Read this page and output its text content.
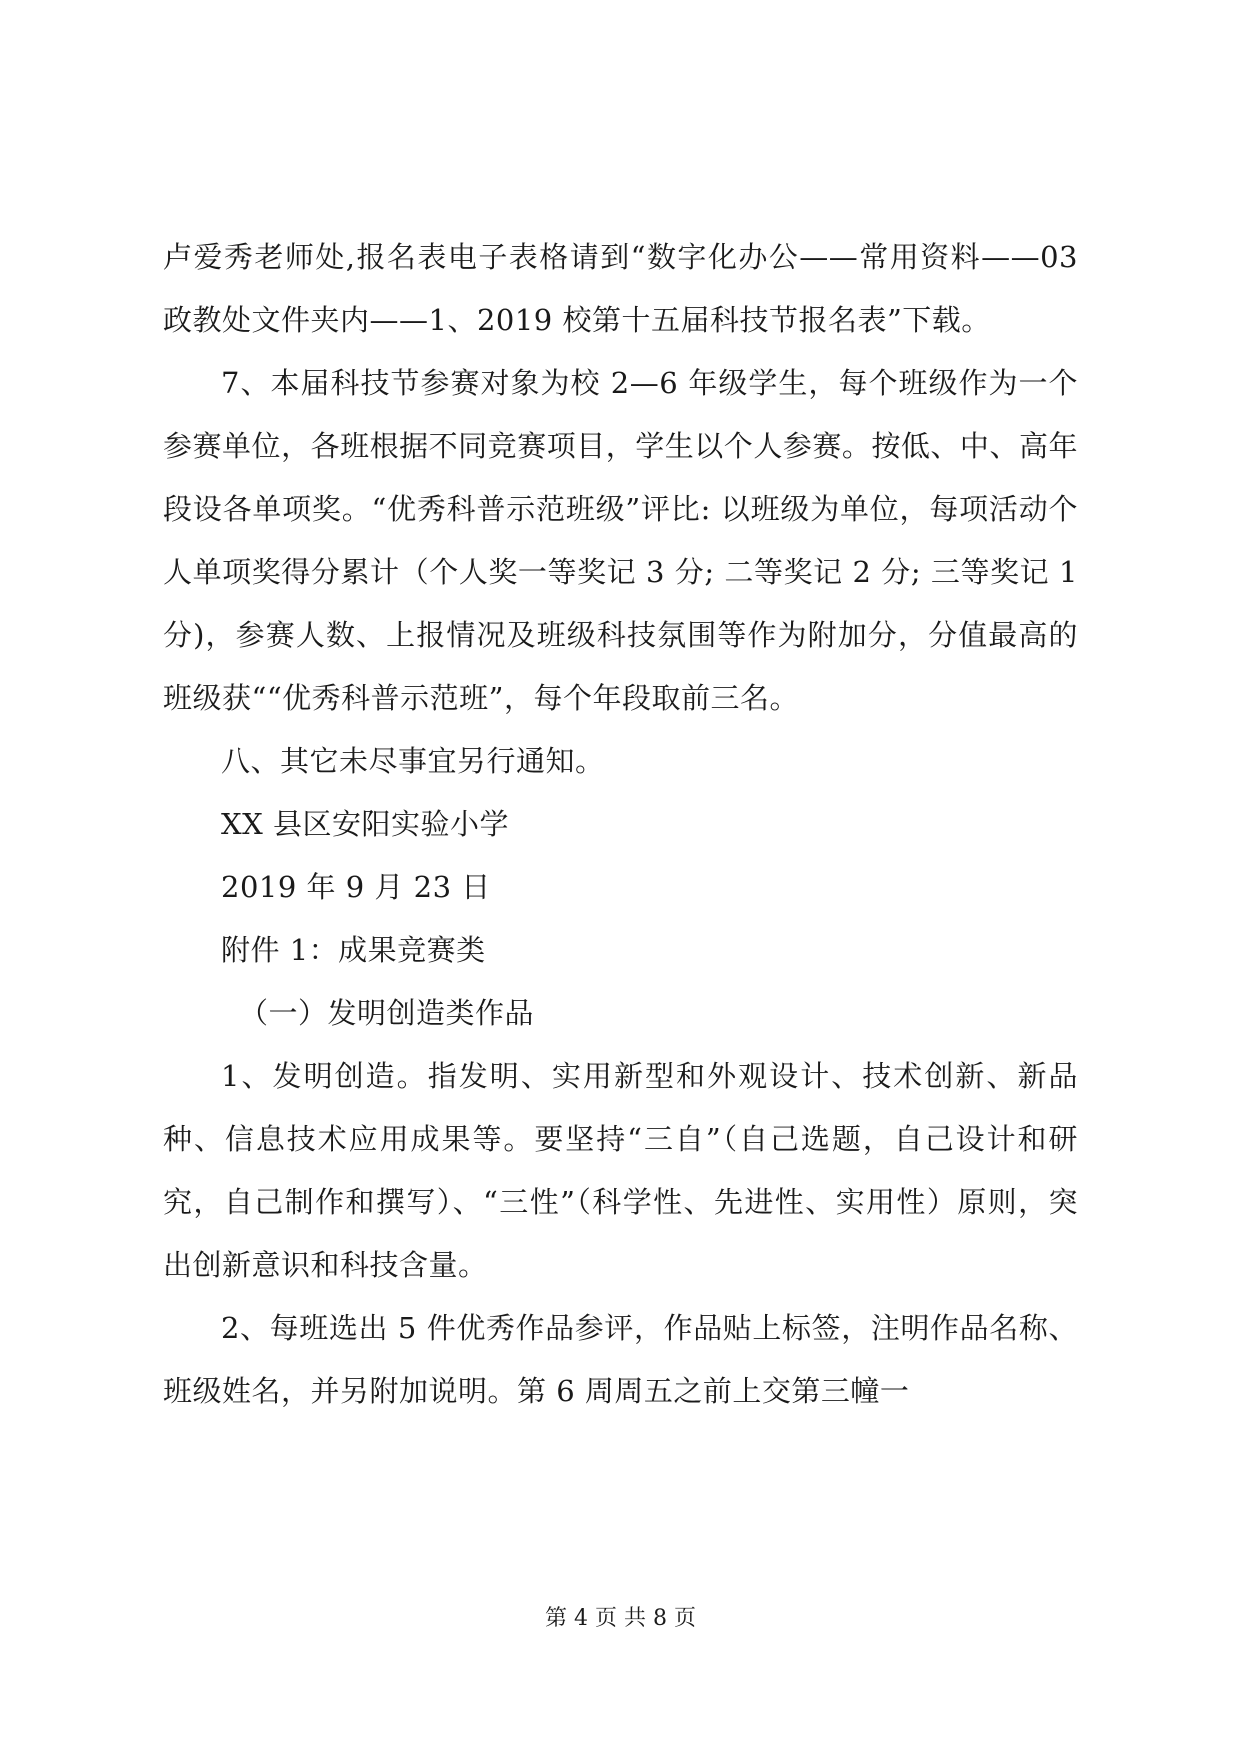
卢爱秀老师处,报名表电子表格请到“数字化办公——常用资料——03 政教处文件夹内——1、2019 校第十五届科技节报名表”下载。

7、本届科技节参赛对象为校 2—6 年级学生，每个班级作为一个参赛单位，各班根据不同竞赛项目，学生以个人参赛。按低、中、高年段设各单项奖。“优秀科普示范班级”评比: 以班级为单位，每项活动个人单项奖得分累计（个人奖一等奖记 3 分; 二等奖记 2 分; 三等奖记 1 分)，参赛人数、上报情况及班级科技氛围等作为附加分，分值最高的班级获““优秀科普示范班”，每个年段取前三名。

八、其它未尽事宜另行通知。

XX 县区安阳实验小学

2019 年 9 月 23 日

附件 1：成果竞赛类

（一）发明创造类作品

1、发明创造。指发明、实用新型和外观设计、技术创新、新品种、信息技术应用成果等。要坚持“三自”（自己选题，自己设计和研究，自己制作和撰写）、“三性”（科学性、先进性、实用性）原则，突出创新意识和科技含量。

2、每班选出 5 件优秀作品参评，作品贴上标签，注明作品名称、班级姓名，并另附加说明。第 6 周周五之前上交第三幢一

第 4 页 共 8 页
